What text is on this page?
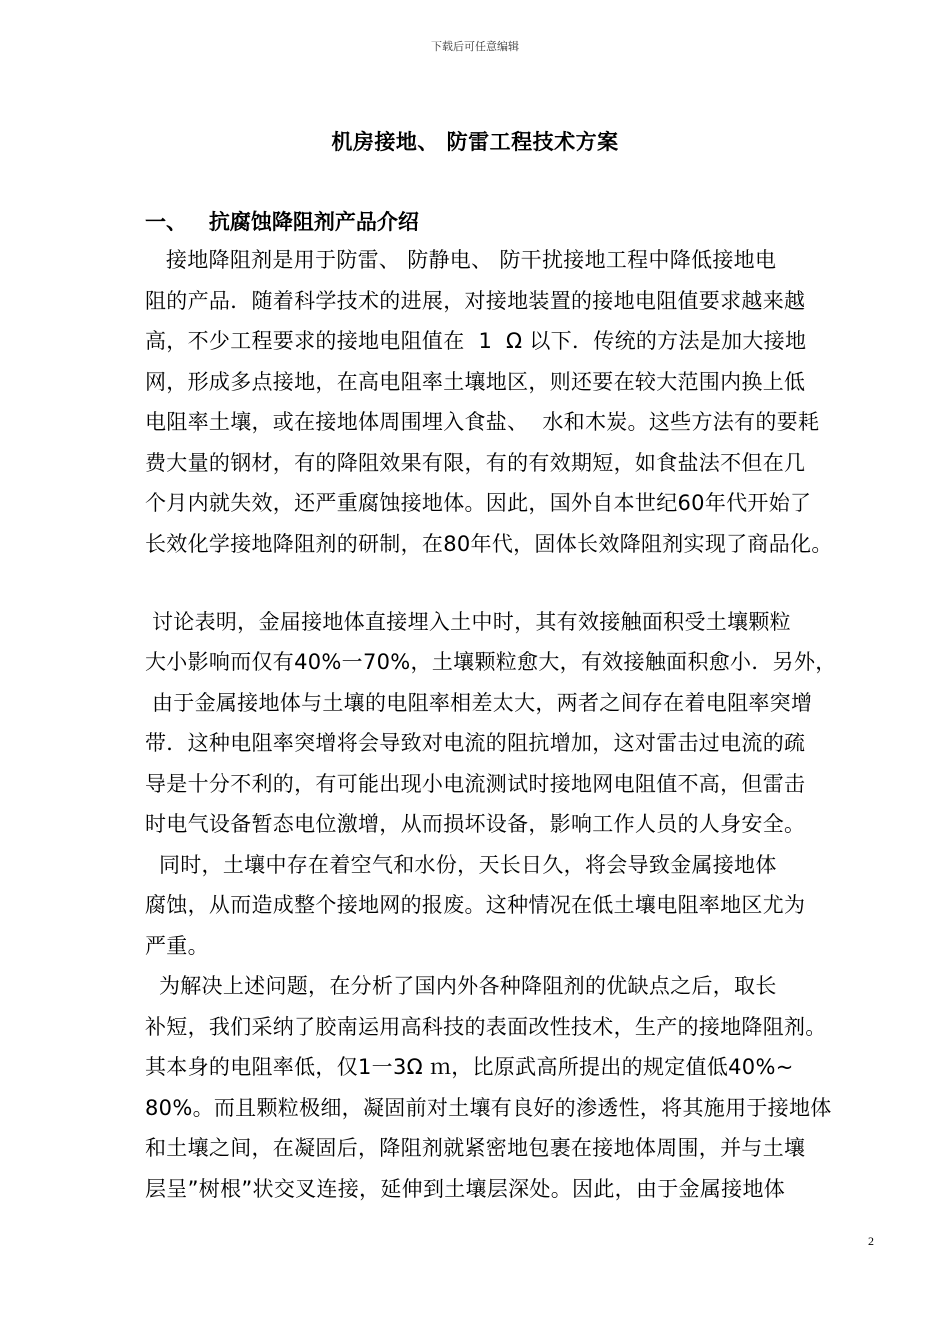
下载后可任意编辑
机房接地、 防雷工程技术方案
一、   抗腐蚀降阻剂产品介绍
接地降阻剂是用于防雷、 防静电、 防干扰接地工程中降低接地电
阻的产品．随着科学技术的进展，对接地装置的接地电阻值要求越来越
高，不少工程要求的接地电阻值在  1  Ω 以下．传统的方法是加大接地
网，形成多点接地，在高电阻率土壤地区，则还要在较大范围内换上低
电阻率土壤，或在接地体周围埋入食盐、  水和木炭。这些方法有的要耗
费大量的钢材，有的降阻效果有限，有的有效期短，如食盐法不但在几
个月内就失效，还严重腐蚀接地体。因此，国外自本世纪60年代开始了
长效化学接地降阻剂的研制，在80年代，固体长效降阻剂实现了商品化。
讨论表明，金届接地体直接埋入土中时，其有效接触面积受土壤颗粒
大小影响而仅有40%一70%，土壤颗粒愈大，有效接触面积愈小．另外，
由于金属接地体与土壤的电阻率相差太大，两者之间存在着电阻率突增
带．这种电阻率突增将会导致对电流的阻抗增加，这对雷击过电流的疏
导是十分不利的，有可能出现小电流测试时接地网电阻值不高，但雷击
时电气设备暂态电位激增，从而损坏设备，影响工作人员的人身安全。
同时，土壤中存在着空气和水份，天长日久，将会导致金属接地体
腐蚀，从而造成整个接地网的报废。这种情况在低土壤电阻率地区尤为
严重。
为解决上述问题，在分析了国内外各种降阻剂的优缺点之后，取长
补短，我们采纳了胶南运用高科技的表面改性技术，生产的接地降阻剂。
其本身的电阻率低，仅1一3Ω ｍ，比原武高所提出的规定值低40%~
80%。而且颗粒极细，凝固前对土壤有良好的渗透性，将其施用于接地体
和土壤之间，在凝固后，降阻剂就紧密地包裹在接地体周围，并与土壤
层呈”树根”状交叉连接，延伸到土壤层深处。因此，由于金属接地体
2
